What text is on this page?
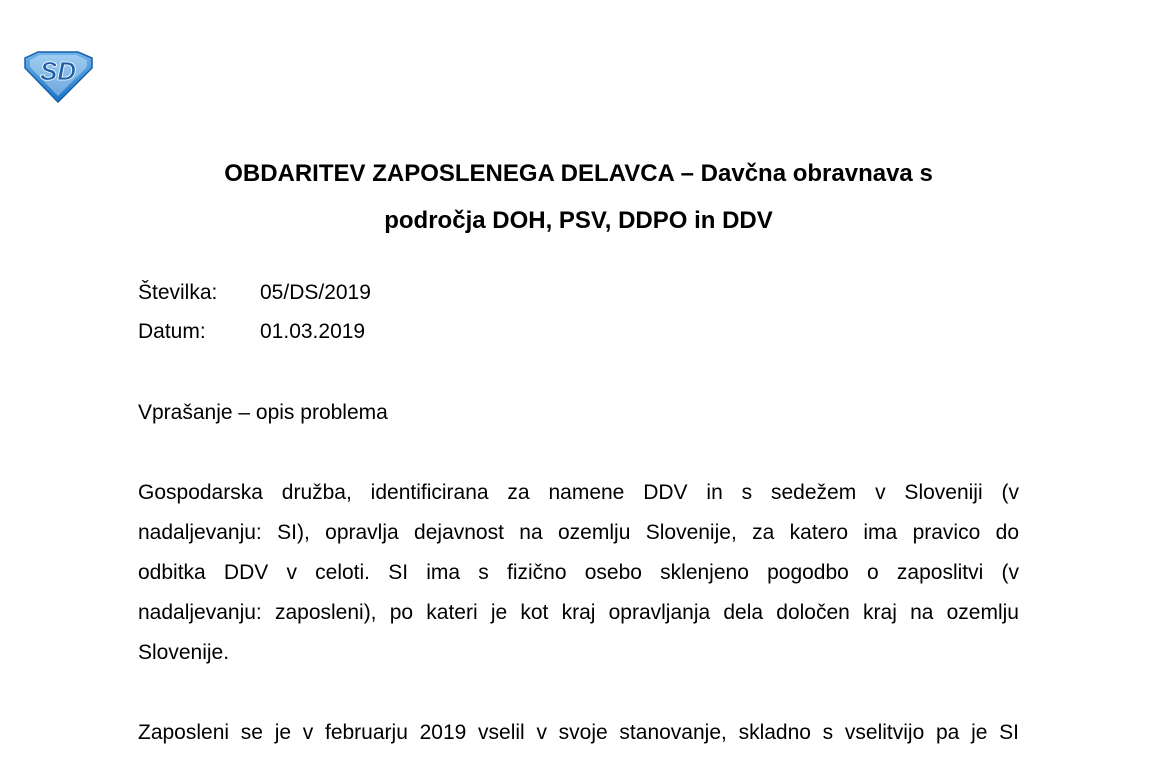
SD
OBDARITEV ZAPOSLENEGA DELAVCA – Davčna obravnava s
področja DOH, PSV, DDPO in DDV
Številka: 05/DS/2019
Datum:	01.03.2019
Vprašanje – opis problema
Gospodarska družba, identificirana za namene DDV in s sedežem v Sloveniji (v
nadaljevanju: SI), opravlja dejavnost na ozemlju Slovenije, za katero ima pravico do
odbitka DDV v celoti. SI ima s fizično osebo sklenjeno pogodbo o zaposlitvi (v
nadaljevanju: zaposleni), po kateri je kot kraj opravljanja dela določen kraj na ozemlju
Slovenije.
Zaposleni se je v februarju 2019 vselil v svoje stanovanje, skladno s vselitvijo pa je SI
